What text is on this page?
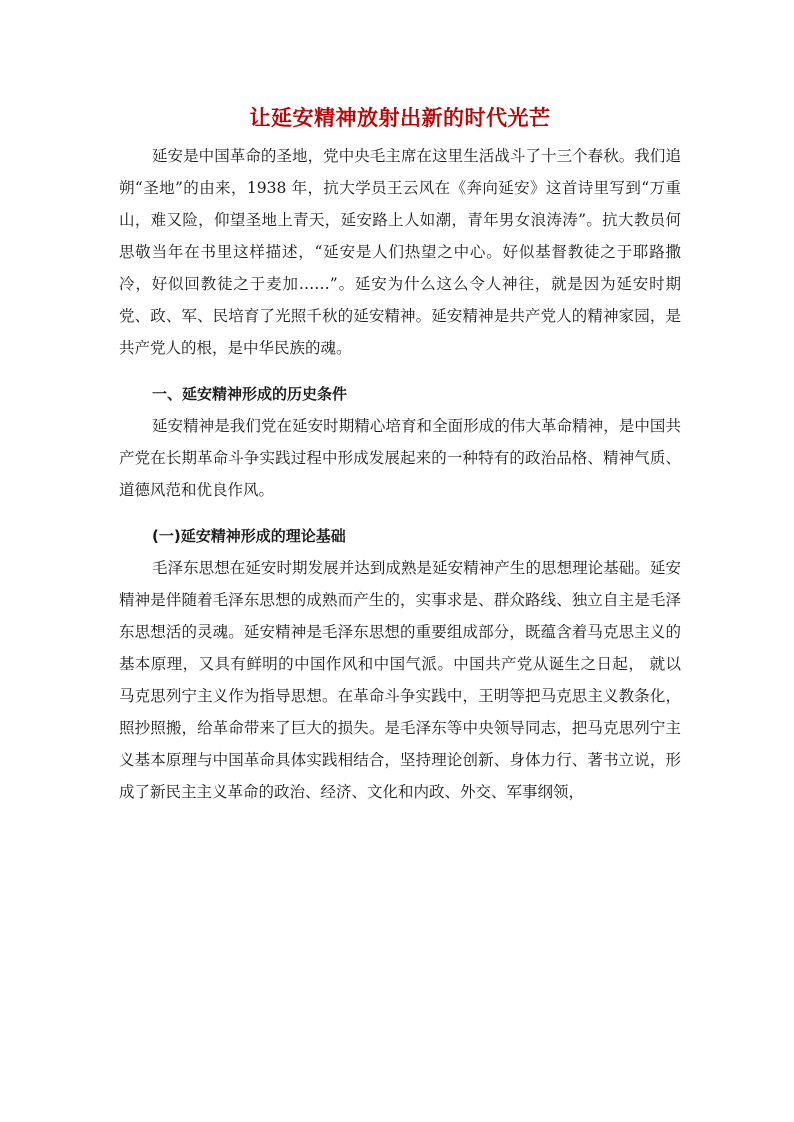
让延安精神放射出新的时代光芒

延安是中国革命的圣地，党中央毛主席在这里生活战斗了十三个春秋。我们追朔“圣地”的由来，1938 年，抗大学员王云风在《奔向延安》这首诗里写到“万重山，难又险，仰望圣地上青天，延安路上人如潮，青年男女浪涛涛”。抗大教员何思敬当年在书里这样描述，“延安是人们热望之中心。好似基督教徒之于耶路撒冷，好似回教徒之于麦加……”。延安为什么这么令人神往，就是因为延安时期党、政、军、民培育了光照千秋的延安精神。延安精神是共产党人的精神家园，是共产党人的根，是中华民族的魂。

一、延安精神形成的历史条件

延安精神是我们党在延安时期精心培育和全面形成的伟大革命精神，是中国共产党在长期革命斗争实践过程中形成发展起来的一种特有的政治品格、精神气质、道德风范和优良作风。

(一)延安精神形成的理论基础

毛泽东思想在延安时期发展并达到成熟是延安精神产生的思想理论基础。延安精神是伴随着毛泽东思想的成熟而产生的，实事求是、群众路线、独立自主是毛泽东思想活的灵魂。延安精神是毛泽东思想的重要组成部分，既蕴含着马克思主义的基本原理，又具有鲜明的中国作风和中国气派。中国共产党从诞生之日起， 就以马克思列宁主义作为指导思想。在革命斗争实践中，王明等把马克思主义教条化，照抄照搬，给革命带来了巨大的损失。是毛泽东等中央领导同志，把马克思列宁主义基本原理与中国革命具体实践相结合，坚持理论创新、身体力行、著书立说，形成了新民主主义革命的政治、经济、文化和内政、外交、军事纲领，
